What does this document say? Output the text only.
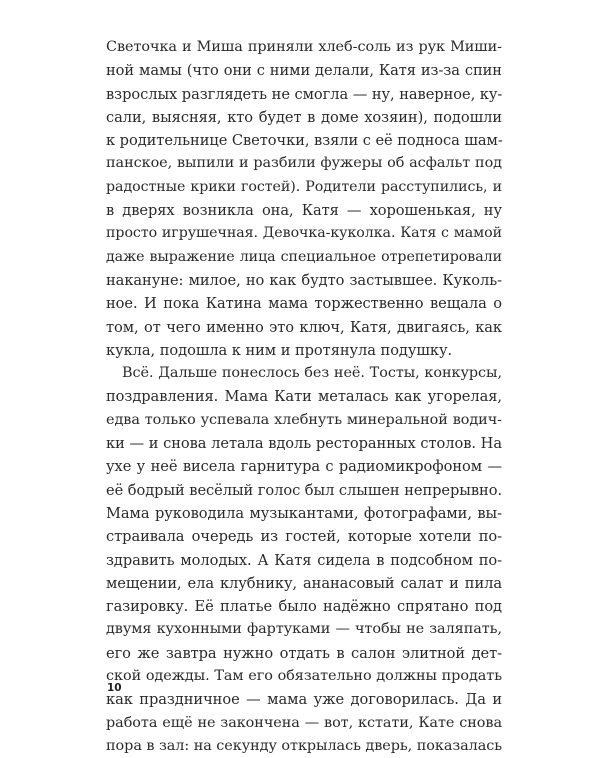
Светочка и Миша приняли хлеб-соль из рук Миши-
ной мамы (что они с ними делали, Катя из-за спин
взрослых разглядеть не смогла — ну, наверное, ку-
сали, выясняя, кто будет в доме хозяин), подошли
к родительнице Светочки, взяли с её подноса шам-
панское, выпили и разбили фужеры об асфальт под
радостные крики гостей). Родители расступились, и
в дверях возникла она, Катя — хорошенькая, ну
просто игрушечная. Девочка-куколка. Катя с мамой
даже выражение лица специальное отрепетировали
накануне: милое, но как будто застывшее. Куколь-
ное. И пока Катина мама торжественно вещала о
том, от чего именно это ключ, Катя, двигаясь, как
кукла, подошла к ним и протянула подушку.
Всё. Дальше понеслось без неё. Тосты, конкурсы,
поздравления. Мама Кати металась как угорелая,
едва только успевала хлебнуть минеральной водич-
ки — и снова летала вдоль ресторанных столов. На
ухе у неё висела гарнитура с радиомикрофоном —
её бодрый весёлый голос был слышен непрерывно.
Мама руководила музыкантами, фотографами, вы-
страивала очередь из гостей, которые хотели по-
здравить молодых. А Катя сидела в подсобном по-
мещении, ела клубнику, ананасовый салат и пила
газировку. Её платье было надёжно спрятано под
двумя кухонными фартуками — чтобы не заляпать,
его же завтра нужно отдать в салон элитной дет-
ской одежды. Там его обязательно должны продать
как праздничное — мама уже договорилась. Да и
работа ещё не закончена — вот, кстати, Кате снова
пора в зал: на секунду открылась дверь, показалась
10
